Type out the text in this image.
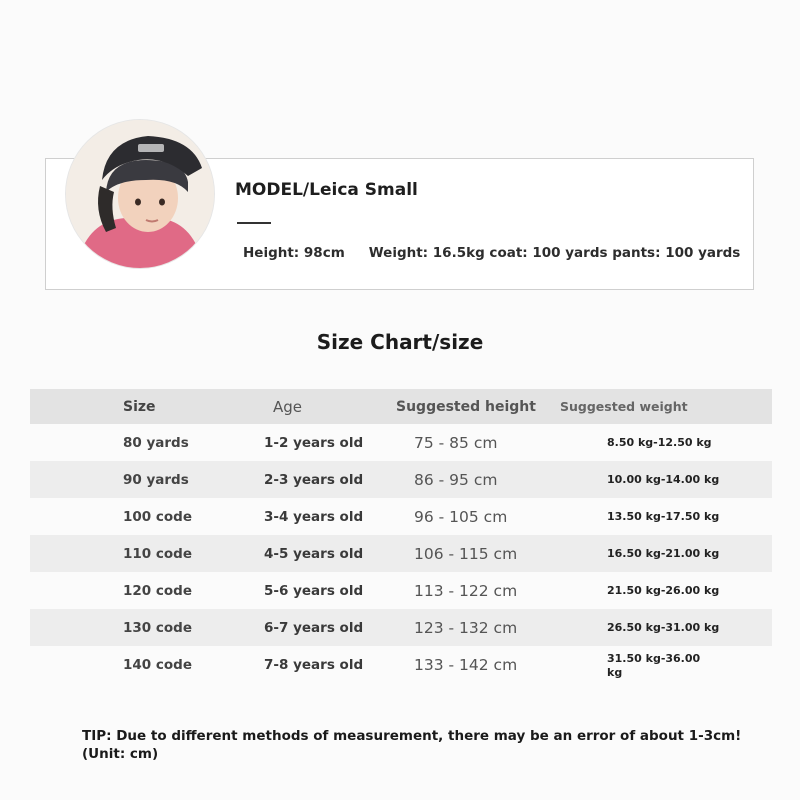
MODEL/Leica Small
Height: 98cm Weight: 16.5kg coat: 100 yards pants: 100 yards
Size Chart/size
Size	Age	Suggested height Suggested weight
80 yards	1-2 years old	75 - 85 cm	8.50 kg-12.50 kg
90 yards	2-3 years old	86 - 95 cm	10.00 kg-14.00 kg
100 code	3-4 years old	96 - 105 cm	13.50 kg-17.50 kg
110 code	4-5 years old	106 - 115 cm	16.50 kg-21.00 kg
120 code	5-6 years old	113 - 122 cm	21.50 kg-26.00 kg
130 code	6-7 years old	123 - 132 cm	26.50 kg-31.00 kg
140 code	7-8 years old	133 - 142 cm	31.50 kg-36.00 kg
TIP: Due to different methods of measurement, there may be an error of about 1-3cm! (Unit: cm)
